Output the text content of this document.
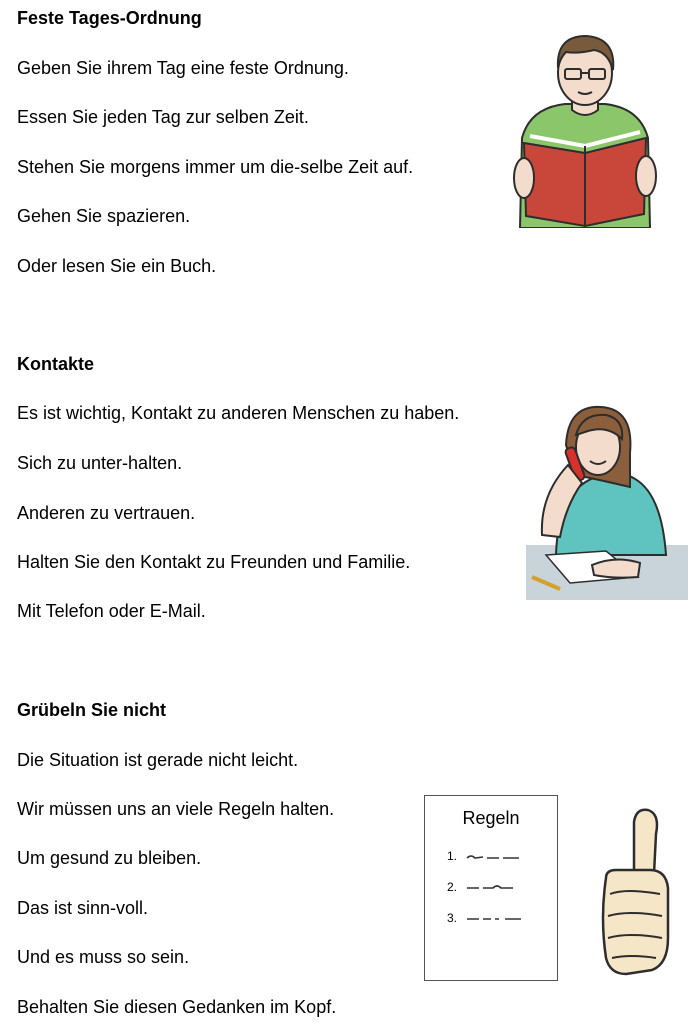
Feste Tages-Ordnung
Geben Sie ihrem Tag eine feste Ordnung.
Essen Sie jeden Tag zur selben Zeit.
Stehen Sie morgens immer um die-selbe Zeit auf.
Gehen Sie spazieren.
Oder lesen Sie ein Buch.
Kontakte
Es ist wichtig, Kontakt zu anderen Menschen zu haben.
Sich zu unter-halten.
Anderen zu vertrauen.
Halten Sie den Kontakt zu Freunden und Familie.
Mit Telefon oder E-Mail.
Grübeln Sie nicht
Die Situation ist gerade nicht leicht.
Wir müssen uns an viele Regeln halten.
Um gesund zu bleiben.
Das ist sinn-voll.
Und es muss so sein.
Behalten Sie diesen Gedanken im Kopf.
Regeln
1.
2.
3.
